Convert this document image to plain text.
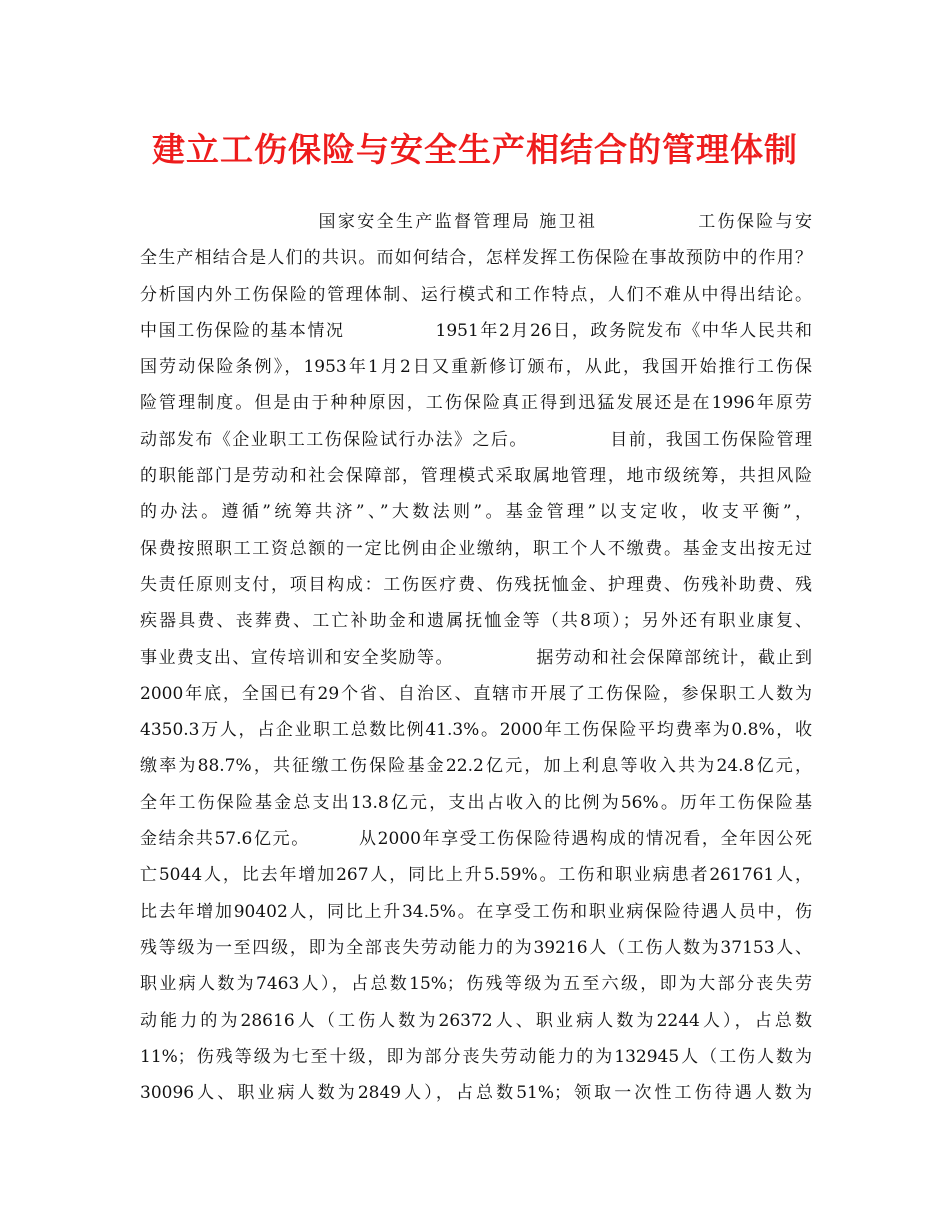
建立工伤保险与安全生产相结合的管理体制
国家安全生产监督管理局 施卫祖             工伤保险与安
全生产相结合是人们的共识。而如何结合，怎样发挥工伤保险在事故预防中的作用？
分析国内外工伤保险的管理体制、运行模式和工作特点，人们不难从中得出结论。
中国工伤保险的基本情况             1951年2月26日，政务院发布《中华人民共和
国劳动保险条例》，1953年1月2日又重新修订颁布，从此，我国开始推行工伤保
险管理制度。但是由于种种原因，工伤保险真正得到迅猛发展还是在1996年原劳
动部发布《企业职工工伤保险试行办法》之后。            目前，我国工伤保险管理
的职能部门是劳动和社会保障部，管理模式采取属地管理，地市级统筹，共担风险
的办法。遵循”统筹共济”、”大数法则”。基金管理”以支定收，收支平衡”，
保费按照职工工资总额的一定比例由企业缴纳，职工个人不缴费。基金支出按无过
失责任原则支付，项目构成：工伤医疗费、伤残抚恤金、护理费、伤残补助费、残
疾器具费、丧葬费、工亡补助金和遗属抚恤金等（共8项）；另外还有职业康复、
事业费支出、宣传培训和安全奖励等。            据劳动和社会保障部统计，截止到
2000年底，全国已有29个省、自治区、直辖市开展了工伤保险，参保职工人数为
4350.3万人，占企业职工总数比例41.3%。2000年工伤保险平均费率为0.8%，收
缴率为88.7%，共征缴工伤保险基金22.2亿元，加上利息等收入共为24.8亿元，
全年工伤保险基金总支出13.8亿元，支出占收入的比例为56%。历年工伤保险基
金结余共57.6亿元。       从2000年享受工伤保险待遇构成的情况看，全年因公死
亡5044人，比去年增加267人，同比上升5.59%。工伤和职业病患者261761人，
比去年增加90402人，同比上升34.5%。在享受工伤和职业病保险待遇人员中，伤
残等级为一至四级，即为全部丧失劳动能力的为39216人（工伤人数为37153人、
职业病人数为7463人），占总数15%；伤残等级为五至六级，即为大部分丧失劳
动能力的为28616人（工伤人数为26372人、职业病人数为2244人），占总数
11%；伤残等级为七至十级，即为部分丧失劳动能力的为132945人（工伤人数为
30096人、职业病人数为2849人），占总数51%；领取一次性工伤待遇人数为
